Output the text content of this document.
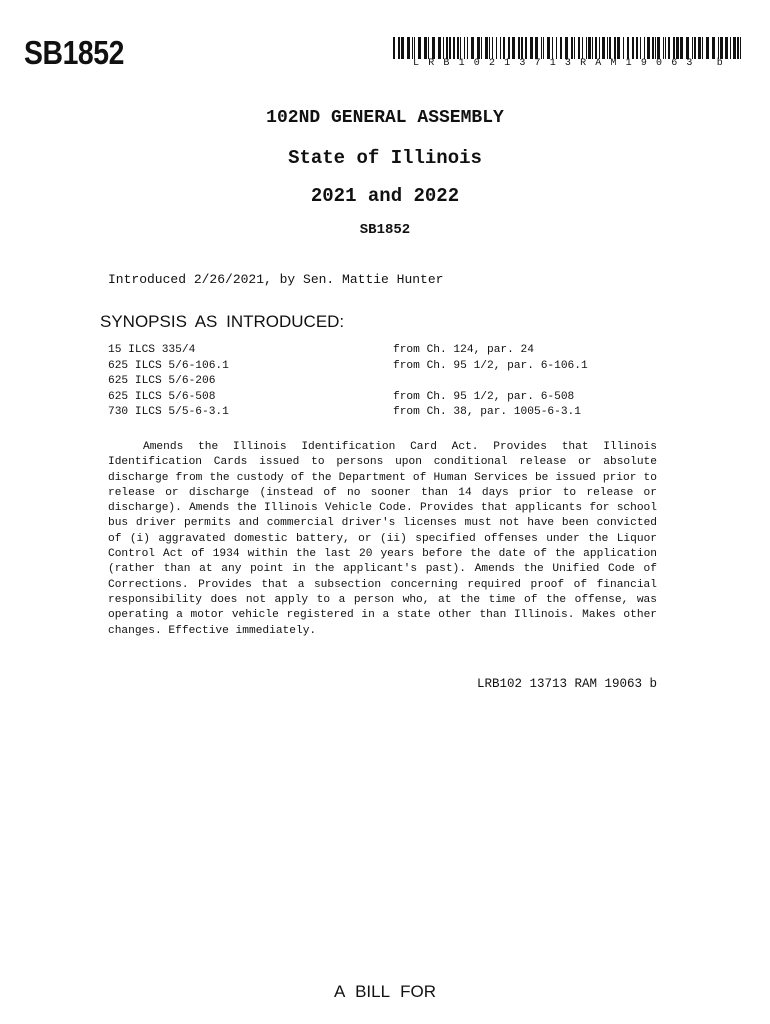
SB1852	L R B 1 0 2 1 3 7 1 3 R A M 1 9 0 6 3
b
102ND GENERAL ASSEMBLY
State of Illinois
2021 and 2022
SB1852
Introduced 2/26/2021, by Sen. Mattie Hunter
SYNOPSIS AS INTRODUCED:
15 ILCS 335/4	from Ch. 124, par. 24
625 ILCS 5/6-106.1	from Ch. 95 1/2, par. 6-106.1
625 ILCS 5/6-206
625 ILCS 5/6-508	from Ch. 95 1/2, par. 6-508
730 ILCS 5/5-6-3.1	from Ch. 38, par. 1005-6-3.1

Amends the Illinois Identification Card Act. Provides that Illinois Identification Cards issued to persons upon conditional release or absolute discharge from the custody of the Department of Human Services be issued prior to release or discharge (instead of no sooner than 14 days prior to release or discharge). Amends the Illinois Vehicle Code. Provides that applicants for school bus driver permits and commercial driver's licenses must not have been convicted of (i) aggravated domestic battery, or (ii) specified offenses under the Liquor Control Act of 1934 within the last 20 years before the date of the application (rather than at any point in the applicant's past). Amends the Unified Code of Corrections. Provides that a subsection concerning required proof of financial responsibility does not apply to a person who, at the time of the offense, was operating a motor vehicle registered in a state other than Illinois. Makes other changes. Effective immediately.

LRB102 13713 RAM 19063 b
A BILL FOR
